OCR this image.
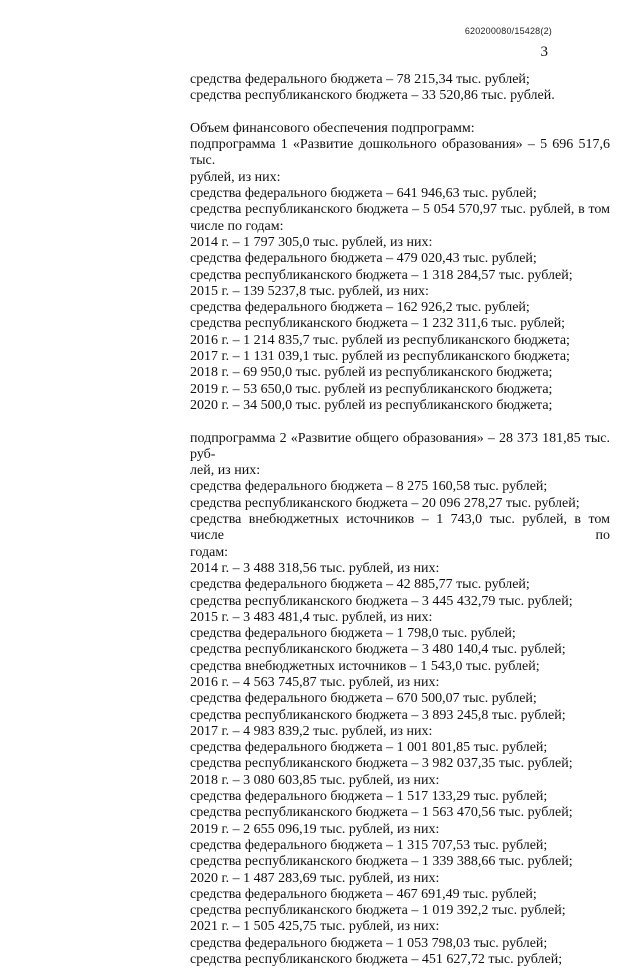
620200080/15428(2)
3
средства федерального бюджета – 78 215,34 тыс. рублей;
средства республиканского бюджета – 33 520,86 тыс. рублей.
Объем финансового обеспечения подпрограмм:
подпрограмма 1 «Развитие дошкольного образования» – 5 696 517,6 тыс.
рублей, из них:
средства федерального бюджета – 641 946,63 тыс. рублей;
средства республиканского бюджета – 5 054 570,97 тыс. рублей, в том
числе по годам:
2014 г. – 1 797 305,0 тыс. рублей, из них:
средства федерального бюджета – 479 020,43 тыс. рублей;
средства республиканского бюджета – 1 318 284,57 тыс. рублей;
2015 г. – 139 5237,8 тыс. рублей, из них:
средства федерального бюджета – 162 926,2 тыс. рублей;
средства республиканского бюджета – 1 232 311,6 тыс. рублей;
2016 г. – 1 214 835,7 тыс. рублей из республиканского бюджета;
2017 г. – 1 131 039,1 тыс. рублей из республиканского бюджета;
2018 г. – 69 950,0 тыс. рублей из республиканского бюджета;
2019 г. – 53 650,0 тыс. рублей из республиканского бюджета;
2020 г. – 34 500,0 тыс. рублей из республиканского бюджета;
подпрограмма 2 «Развитие общего образования» – 28 373 181,85 тыс. руб-
лей, из них:
средства федерального бюджета – 8 275 160,58 тыс. рублей;
средства республиканского бюджета – 20 096 278,27 тыс. рублей;
средства внебюджетных источников – 1 743,0 тыс. рублей, в том числе по
годам:
2014 г. – 3 488 318,56 тыс. рублей, из них:
средства федерального бюджета – 42 885,77 тыс. рублей;
средства республиканского бюджета – 3 445 432,79 тыс. рублей;
2015 г. – 3 483 481,4 тыс. рублей, из них:
средства федерального бюджета – 1 798,0 тыс. рублей;
средства республиканского бюджета – 3 480 140,4 тыс. рублей;
средства внебюджетных источников – 1 543,0 тыс. рублей;
2016 г. – 4 563 745,87 тыс. рублей, из них:
средства федерального бюджета – 670 500,07 тыс. рублей;
средства республиканского бюджета – 3 893 245,8 тыс. рублей;
2017 г. – 4 983 839,2 тыс. рублей, из них:
средства федерального бюджета – 1 001 801,85 тыс. рублей;
средства республиканского бюджета – 3 982 037,35 тыс. рублей;
2018 г. – 3 080 603,85 тыс. рублей, из них:
средства федерального бюджета – 1 517 133,29 тыс. рублей;
средства республиканского бюджета – 1 563 470,56 тыс. рублей;
2019 г. – 2 655 096,19 тыс. рублей, из них:
средства федерального бюджета – 1 315 707,53 тыс. рублей;
средства республиканского бюджета – 1 339 388,66 тыс. рублей;
2020 г. – 1 487 283,69 тыс. рублей, из них:
средства федерального бюджета – 467 691,49 тыс. рублей;
средства республиканского бюджета – 1 019 392,2 тыс. рублей;
2021 г. – 1 505 425,75 тыс. рублей, из них:
средства федерального бюджета – 1 053 798,03 тыс. рублей;
средства республиканского бюджета – 451 627,72 тыс. рублей;
